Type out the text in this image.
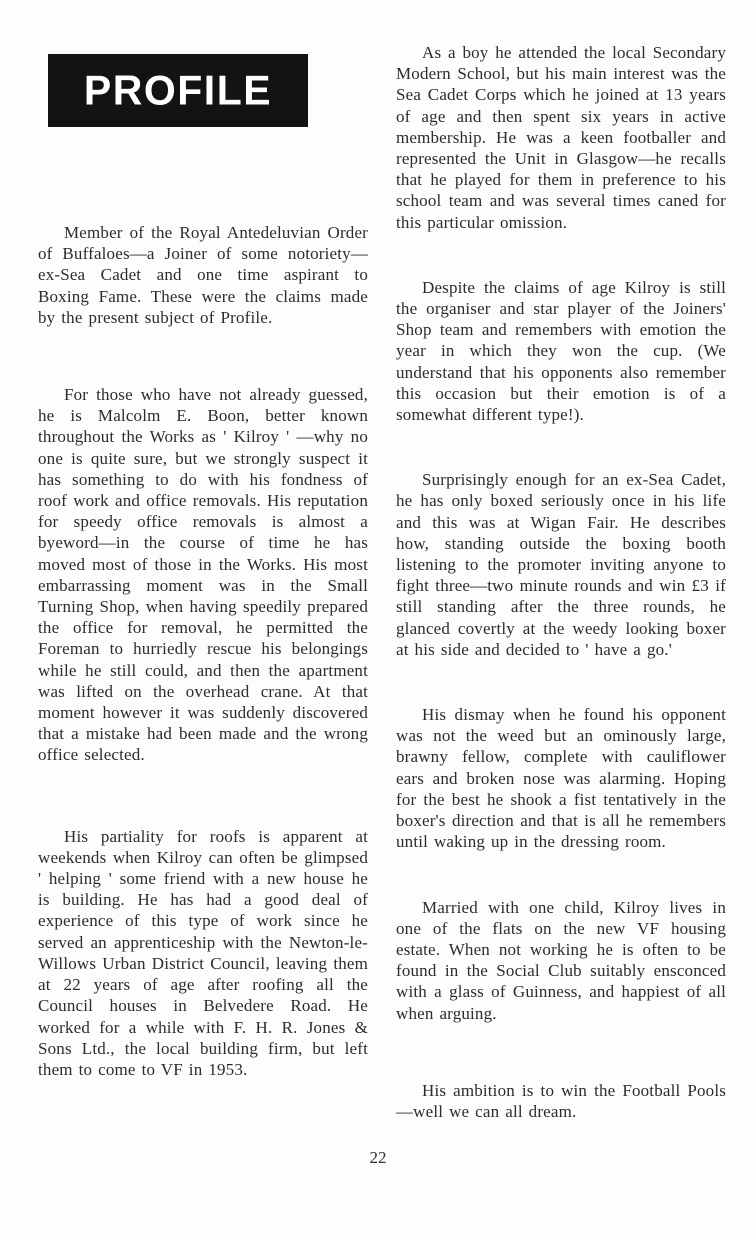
PROFILE

Member of the Royal Antedeluvian Order of Buffaloes—a Joiner of some notoriety—ex-Sea Cadet and one time aspirant to Boxing Fame. These were the claims made by the present subject of Profile.

For those who have not already guessed, he is Malcolm E. Boon, better known throughout the Works as ' Kilroy ' —why no one is quite sure, but we strongly suspect it has something to do with his fondness of roof work and office removals. His reputation for speedy office removals is almost a byeword—in the course of time he has moved most of those in the Works. His most embarrassing moment was in the Small Turning Shop, when having speedily prepared the office for removal, he permitted the Foreman to hurriedly rescue his belongings while he still could, and then the apartment was lifted on the overhead crane. At that moment however it was suddenly discovered that a mistake had been made and the wrong office selected.

His partiality for roofs is apparent at weekends when Kilroy can often be glimpsed ' helping ' some friend with a new house he is building. He has had a good deal of experience of this type of work since he served an apprenticeship with the Newton-le-Willows Urban District Council, leaving them at 22 years of age after roofing all the Council houses in Belvedere Road. He worked for a while with F. H. R. Jones & Sons Ltd., the local building firm, but left them to come to VF in 1953.

As a boy he attended the local Secondary Modern School, but his main interest was the Sea Cadet Corps which he joined at 13 years of age and then spent six years in active membership. He was a keen footballer and represented the Unit in Glasgow—he recalls that he played for them in preference to his school team and was several times caned for this particular omission.

Despite the claims of age Kilroy is still the organiser and star player of the Joiners' Shop team and remembers with emotion the year in which they won the cup. (We understand that his opponents also remember this occasion but their emotion is of a somewhat different type!).

Surprisingly enough for an ex-Sea Cadet, he has only boxed seriously once in his life and this was at Wigan Fair. He describes how, standing outside the boxing booth listening to the promoter inviting anyone to fight three—two minute rounds and win £3 if still standing after the three rounds, he glanced covertly at the weedy looking boxer at his side and decided to ' have a go.'

His dismay when he found his opponent was not the weed but an ominously large, brawny fellow, complete with cauliflower ears and broken nose was alarming. Hoping for the best he shook a fist tentatively in the boxer's direction and that is all he remembers until waking up in the dressing room.

Married with one child, Kilroy lives in one of the flats on the new VF housing estate. When not working he is often to be found in the Social Club suitably ensconced with a glass of Guinness, and happiest of all when arguing.

His ambition is to win the Football Pools—well we can all dream.

22
